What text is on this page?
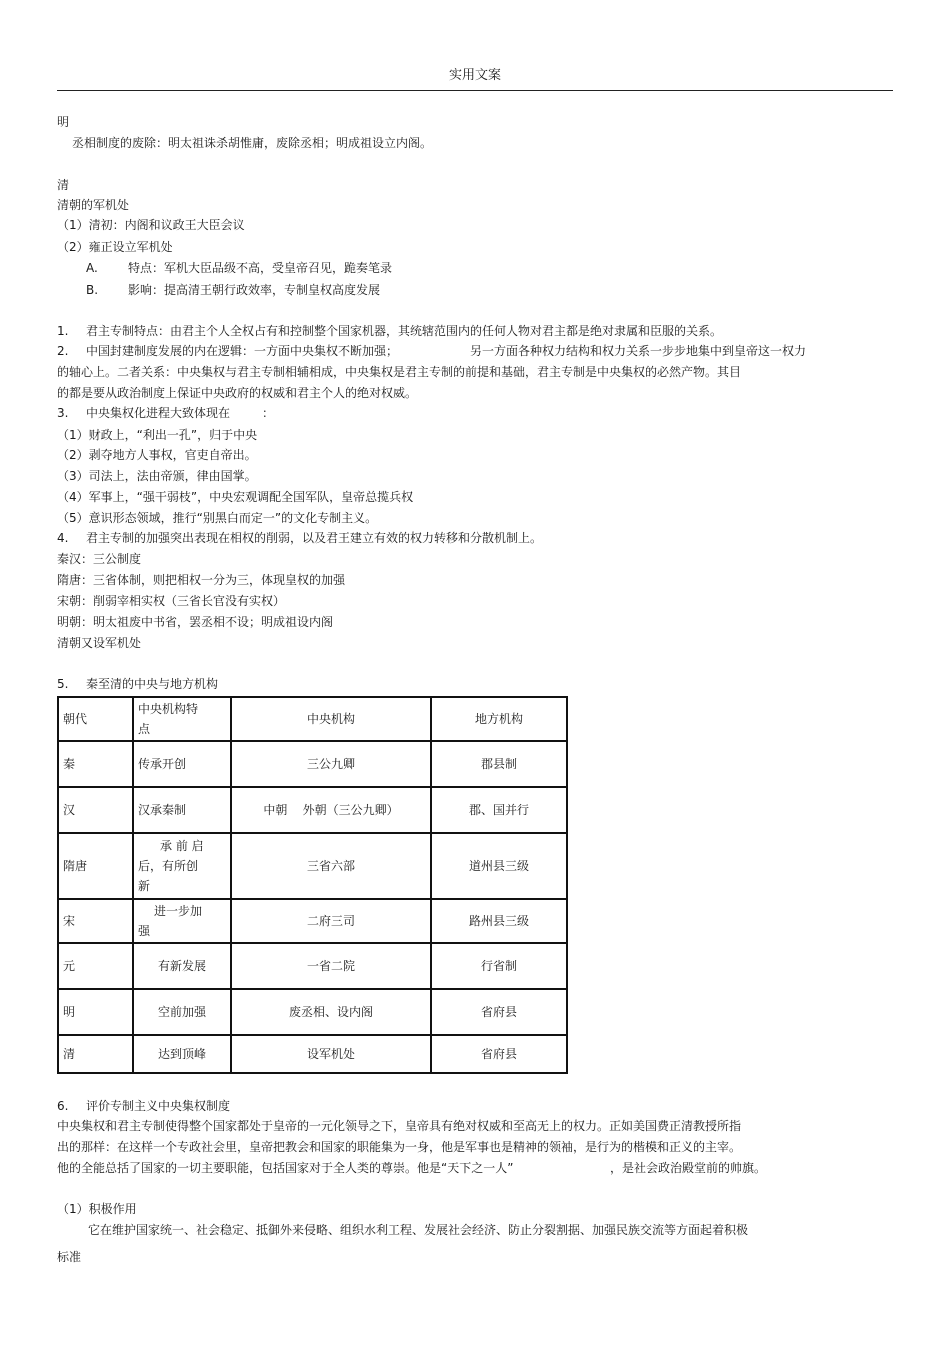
实用文案
明
丞相制度的废除：明太祖诛杀胡惟庸，废除丞相；明成祖设立内阁。
清
清朝的军机处
（1）清初：内阁和议政王大臣会议
（2）雍正设立军机处
A.	特点：军机大臣品级不高，受皇帝召见，跪奏笔录
B. 影响：提高清王朝行政效率，专制皇权高度发展
1. 君主专制特点：由君主个人全权占有和控制整个国家机器，其统辖范围内的任何人物对君主都是绝对隶属和臣服的关系。
2. 中国封建制度发展的内在逻辑：一方面中央集权不断加强；	另一方面各种权力结构和权力关系一步步地集中到皇帝这一权力
的轴心上。二者关系：中央集权与君主专制相辅相成，中央集权是君主专制的前提和基础，君主专制是中央集权的必然产物。其目
的都是要从政治制度上保证中央政府的权威和君主个人的绝对权威。
3. 中央集权化进程大致体现在	：
（1）财政上，“利出一孔”，归于中央
（2）剥夺地方人事权，官吏自帝出。
（3）司法上，法由帝颁，律由国掌。
（4）军事上，“强干弱枝”，中央宏观调配全国军队，皇帝总揽兵权
（5）意识形态领域，推行“别黑白而定一”的文化专制主义。
4. 君主专制的加强突出表现在相权的削弱，以及君王建立有效的权力转移和分散机制上。
秦汉：三公制度
隋唐：三省体制，则把相权一分为三，体现皇权的加强
宋朝：削弱宰相实权（三省长官没有实权）
明朝：明太祖废中书省，罢丞相不设；明成祖设内阁
清朝又设军机处
5. 秦至清的中央与地方机构
朝代	中央机构特
点	中央机构	地方机构
秦	传承开创	三公九卿	郡县制
汉	汉承秦制	中朝 外朝（三公九卿）	郡、国并行
隋唐	承 前 启
后，有所创
新	三省六部	道州县三级
宋	进一步加
强	二府三司	路州县三级
元	有新发展	一省二院	行省制
明	空前加强	废丞相、设内阁	省府县
清	达到顶峰	设军机处	省府县
6. 评价专制主义中央集权制度
中央集权和君主专制使得整个国家都处于皇帝的一元化领导之下，皇帝具有绝对权威和至高无上的权力。正如美国费正清教授所指
出的那样：在这样一个专政社会里，皇帝把教会和国家的职能集为一身，他是军事也是精神的领袖，是行为的楷模和正义的主宰。
他的全能总括了国家的一切主要职能，包括国家对于全人类的尊崇。他是“天下之一人”	，是社会政治殿堂前的帅旗。
（1）积极作用
它在维护国家统一、社会稳定、抵御外来侵略、组织水利工程、发展社会经济、防止分裂割据、加强民族交流等方面起着积极
标准
